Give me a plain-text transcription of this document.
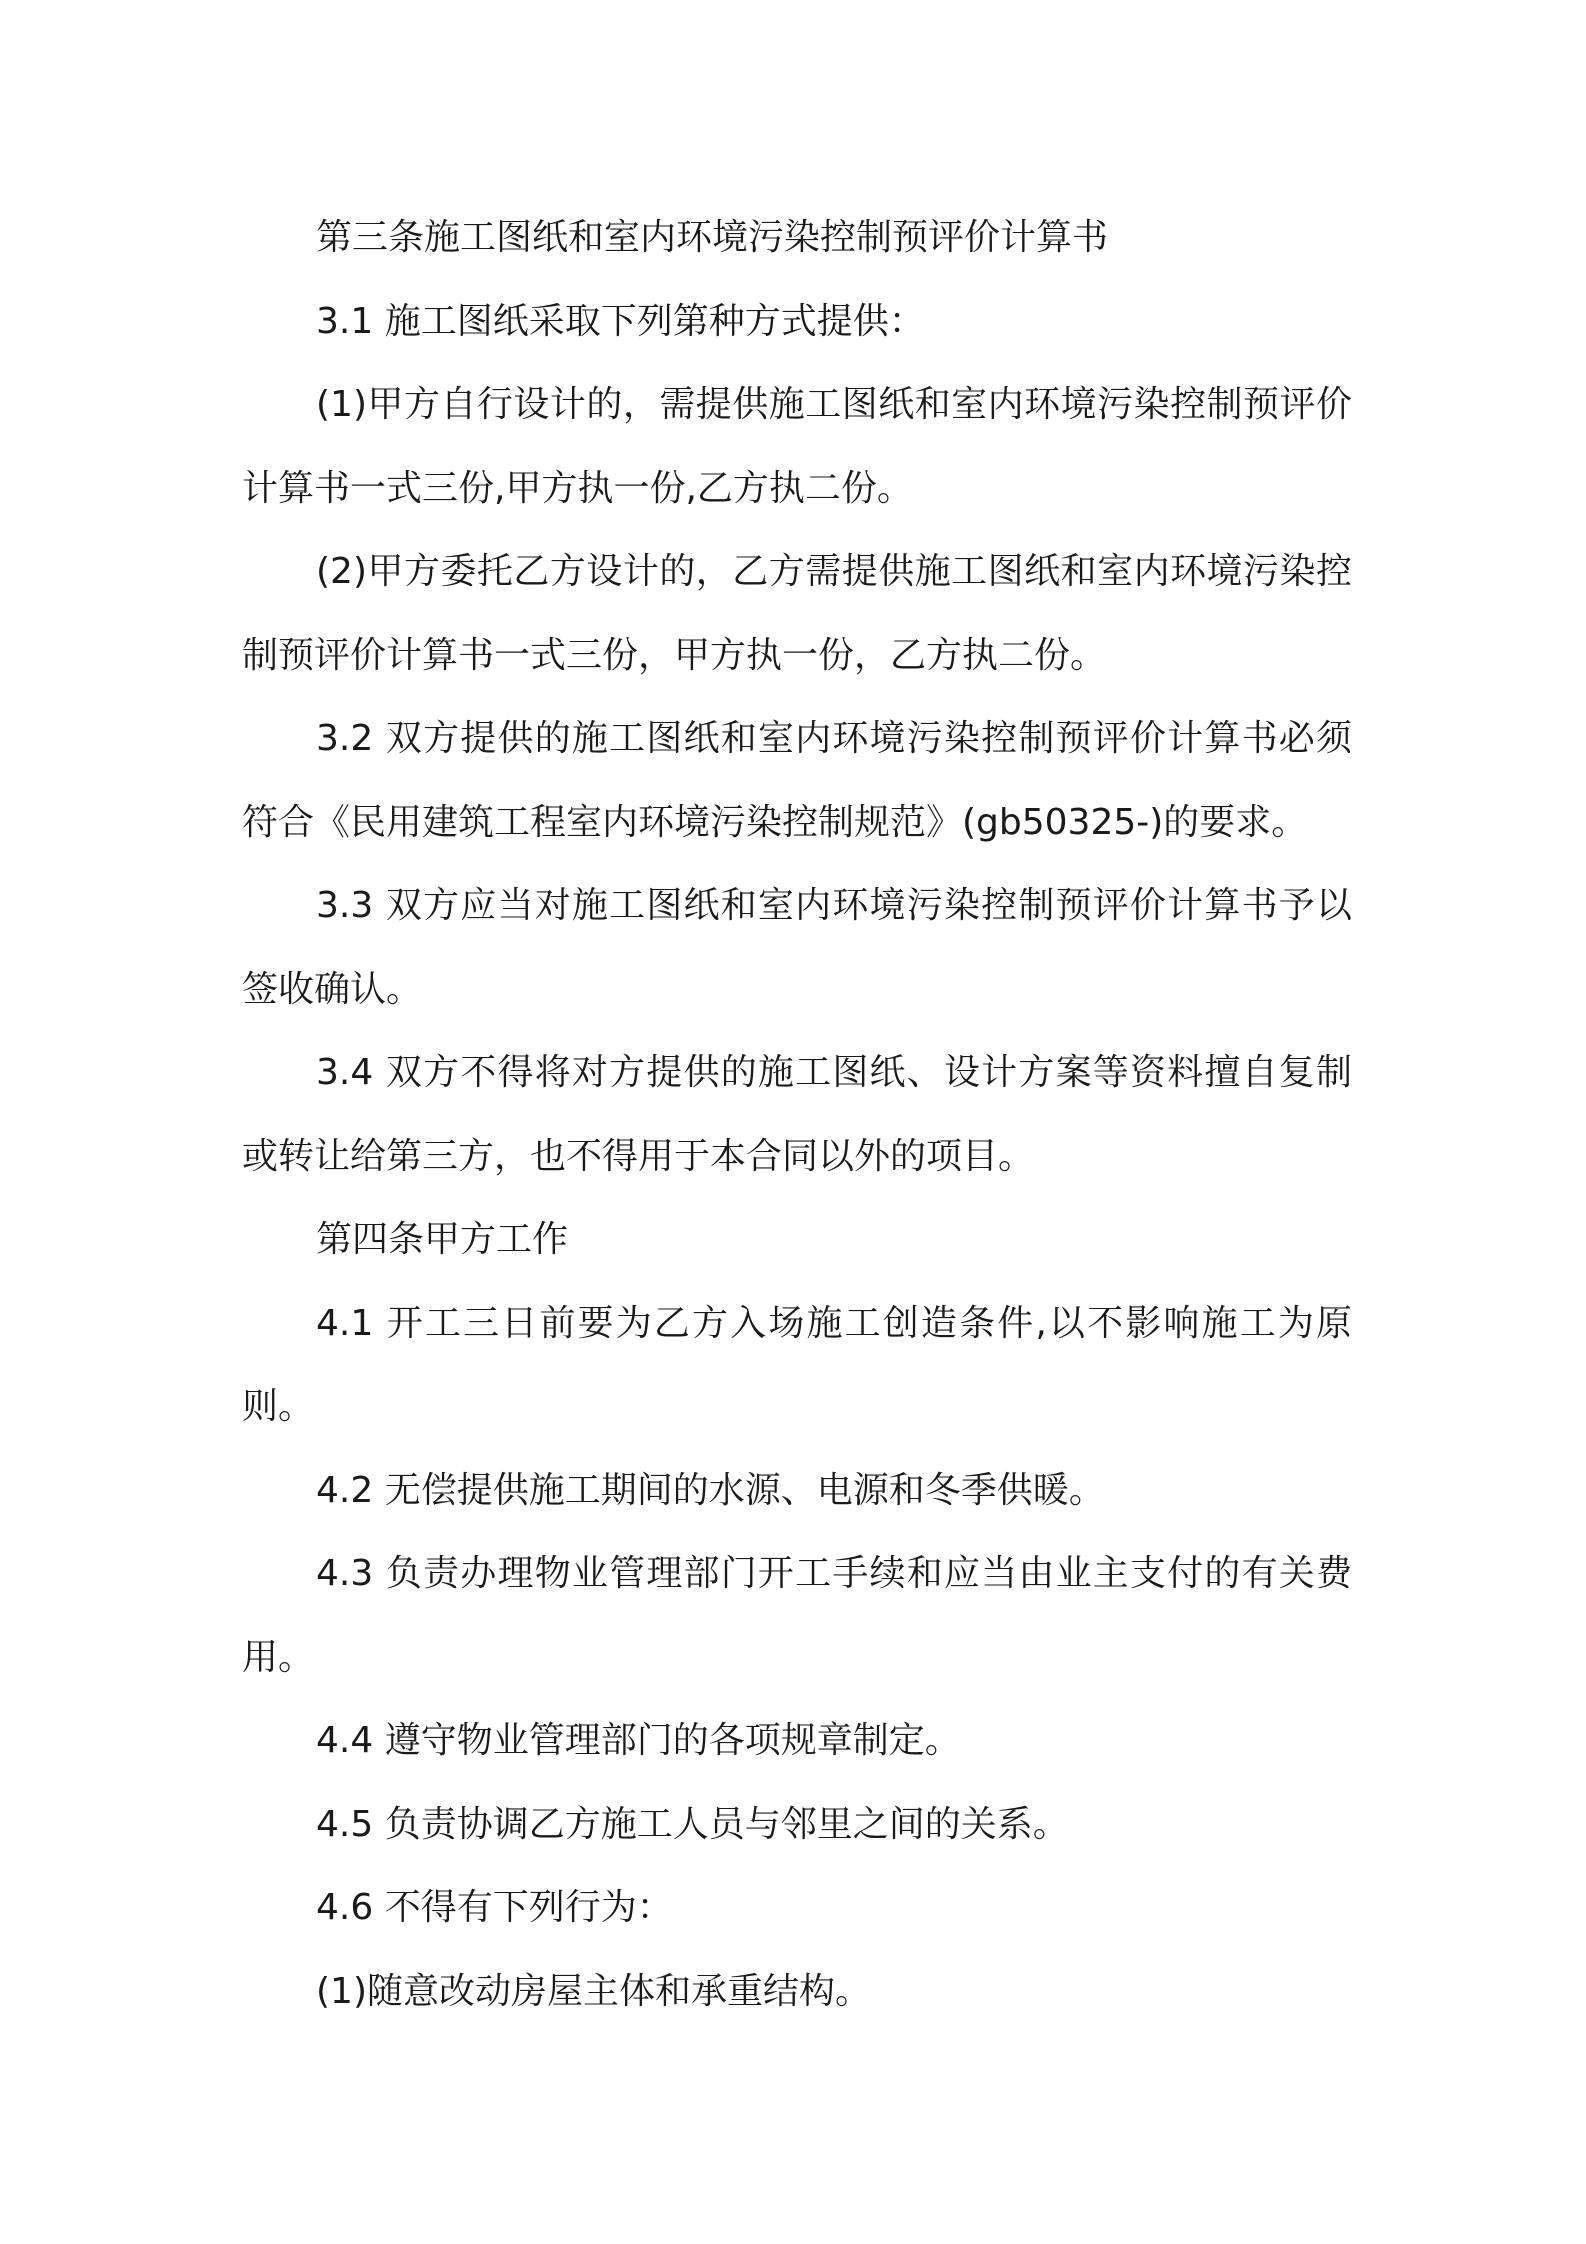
第三条施工图纸和室内环境污染控制预评价计算书

3.1 施工图纸采取下列第种方式提供：

(1)甲方自行设计的，需提供施工图纸和室内环境污染控制预评价计算书一式三份,甲方执一份,乙方执二份。

(2)甲方委托乙方设计的，乙方需提供施工图纸和室内环境污染控制预评价计算书一式三份，甲方执一份，乙方执二份。

3.2 双方提供的施工图纸和室内环境污染控制预评价计算书必须符合《民用建筑工程室内环境污染控制规范》(gb50325-)的要求。

3.3 双方应当对施工图纸和室内环境污染控制预评价计算书予以签收确认。

3.4 双方不得将对方提供的施工图纸、设计方案等资料擅自复制或转让给第三方，也不得用于本合同以外的项目。

第四条甲方工作

4.1 开工三日前要为乙方入场施工创造条件,以不影响施工为原则。

4.2 无偿提供施工期间的水源、电源和冬季供暖。

4.3 负责办理物业管理部门开工手续和应当由业主支付的有关费用。

4.4 遵守物业管理部门的各项规章制定。

4.5 负责协调乙方施工人员与邻里之间的关系。

4.6 不得有下列行为：

(1)随意改动房屋主体和承重结构。
